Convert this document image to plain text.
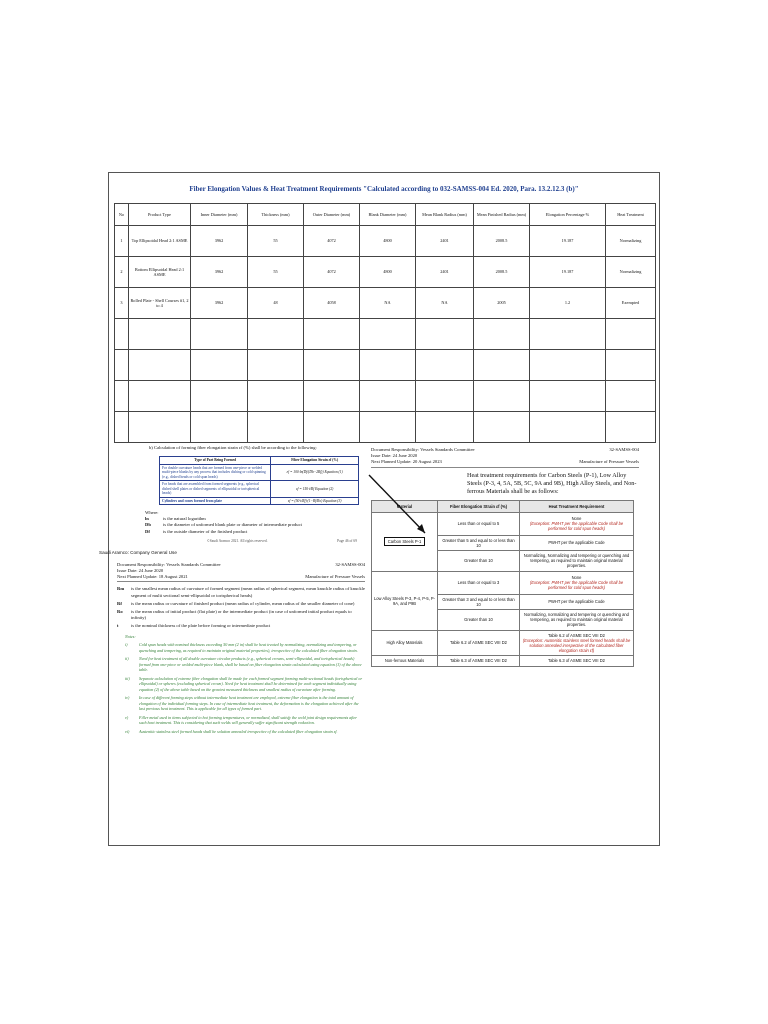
Fiber Elongation Values & Heat Treatment Requirements "Calculated according to 032-SAMSS-004 Ed. 2020, Para. 13.2.12.3 (b)"
No	Product Type	Inner Diameter (mm)	Thickness (mm)	Outer Diameter (mm)	Blank Diameter (mm)	Mean Blank Radius (mm)	Mean Finished Radius (mm)	Elongation Percentage %	Heat Treatment
1	Top Ellipsoidal Head 2:1 ASME	3962	55	4072	4800	2401	2008.5	19.187	Normalizing
2	Bottom Ellipsoidal Head 2:1 ASME	3962	55	4072	4800	2401	2008.5	19.187	Normalizing
3	Rolled Plate - Shell Courses #1, 2 to 4	3962	48	4058	NA	NA	2005	1.2	Exempted

b) Calculation of forming fiber elongation strain εf (%) shall be according to the following:
Type of Part Being Formed	Fiber Elongation Strain εf (%)
For double curvature heads that are formed from one-piece or welded multi-piece blanks by any process that includes dishing or cold spinning (e.g., dished heads or cold spun heads)	εf = 100·ln(Df/(Db−2Rf)) Equation (1)
For heads that are assembled from formed segments (e.g., spherical dished shell plates or dished segments of ellipsoidal or torispherical heads)	εf = 150·t/Rf Equation (2)
Cylinders and cones formed from plate	εf = (50·t/Rf)·(1−Rf/Ro) Equation (3)
Where:
ln	is the natural logarithm
Db	is the diameter of unformed blank plate or diameter of intermediate product
Df	is the outside diameter of the finished product
©Saudi Aramco 2021. All rights reserved.	Page 46 of 69
Saudi Aramco: Company General Use
Document Responsibility: Vessels Standards Committee	32-SAMSS-004
Issue Date: 24 June 2020
Next Planned Update: 18 August 2021	Manufacture of Pressure Vessels
Rm	is the smallest mean radius of curvature of formed segment (mean radius of spherical segment, mean knuckle radius of knuckle segment of multi sectional semi-ellipsoidal or torispherical heads)
Rf	is the mean radius or curvature of finished product (mean radius of cylinder, mean radius of the smaller diameter of cone)
Ro	is the mean radius of initial product (flat plate) or the intermediate product (in case of unformed initial product equals to infinity)
t	is the nominal thickness of the plate before forming or intermediate product
Notes:
i)	Cold spun heads with nominal thickness exceeding 50 mm (2 in) shall be heat treated by normalizing, normalizing and tempering, or quenching and tempering, as required to maintain original material properties), irrespective of the calculated fiber elongation strain.
ii)	Need for heat treatment of all double curvature circular products (e.g., spherical crowns, semi-ellipsoidal, and torispherical heads) formed from one-piece or welded multi-piece blank, shall be based on fiber elongation strain calculated using equation (1) of the above table.
iii)	Separate calculation of extreme fiber elongation shall be made for each formed segment forming multi-sectional heads (torispherical or ellipsoidal) or spheres (excluding spherical crown). Need for heat treatment shall be determined for each segment individually using equation (2) of the above table based on the greatest measured thickness and smallest radius of curvature after forming.
iv)	In case of different forming steps without intermediate heat treatment are employed, extreme fiber elongation is the total amount of elongation of the individual forming steps. In case of intermediate heat treatment, the deformation is the elongation achieved after the last previous heat treatment. This is applicable for all types of formed part.
v)	Filler metal used in items subjected to hot forming temperatures, or normalized, shall satisfy the weld joint design requirements after such heat treatment. This is considering that such welds will generally suffer significant strength reduction.
vi)	Austenitic stainless steel formed heads shall be solution annealed irrespective of the calculated fiber elongation strain εf.
Document Responsibility: Vessels Standards Committee	32-SAMSS-004
Issue Date: 24 June 2020
Next Planned Update: 20 August 2023	Manufacture of Pressure Vessels
Heat treatment requirements for Carbon Steels (P-1), Low Alloy Steels (P-3, 4, 5A, 5B, 5C, 9A and 9B), High Alloy Steels, and Non-ferrous Materials shall be as follows:
Material	Fiber Elongation Strain εf (%)	Heat Treatment Requirement
Carbon Steels P-1	Less than or equal to 5	None
(Exception: PWHT per the applicable Code shall be performed for cold spun heads)

	Greater than 5 and equal to or less than 10	PWHT per the applicable Code
	Greater than 10	Normalizing, Normalizing and tempering or quenching and tempering, as required to maintain original material properties.
Low Alloy Steels P-3, P-4, P-5, P-9A, and P9B	Less than or equal to 3	None
(Exception: PWHT per the applicable Code shall be performed for cold spun heads)

	Greater than 3 and equal to or less than 10	PWHT per the applicable Code
	Greater than 10	Normalizing, normalizing and tempering or quenching and tempering, as required to maintain original material properties.
High Alloy Materials	Table 6.2 of ASME SEC VIII D2	Table 6.2 of ASME SEC VIII D2
(Exception: Austenitic stainless steel formed heads shall be solution annealed irrespective of the calculated fiber elongation strain εf)

Non-ferrous Materials	Table 6.3 of ASME SEC VIII D2	Table 6.3 of ASME SEC VIII D2
